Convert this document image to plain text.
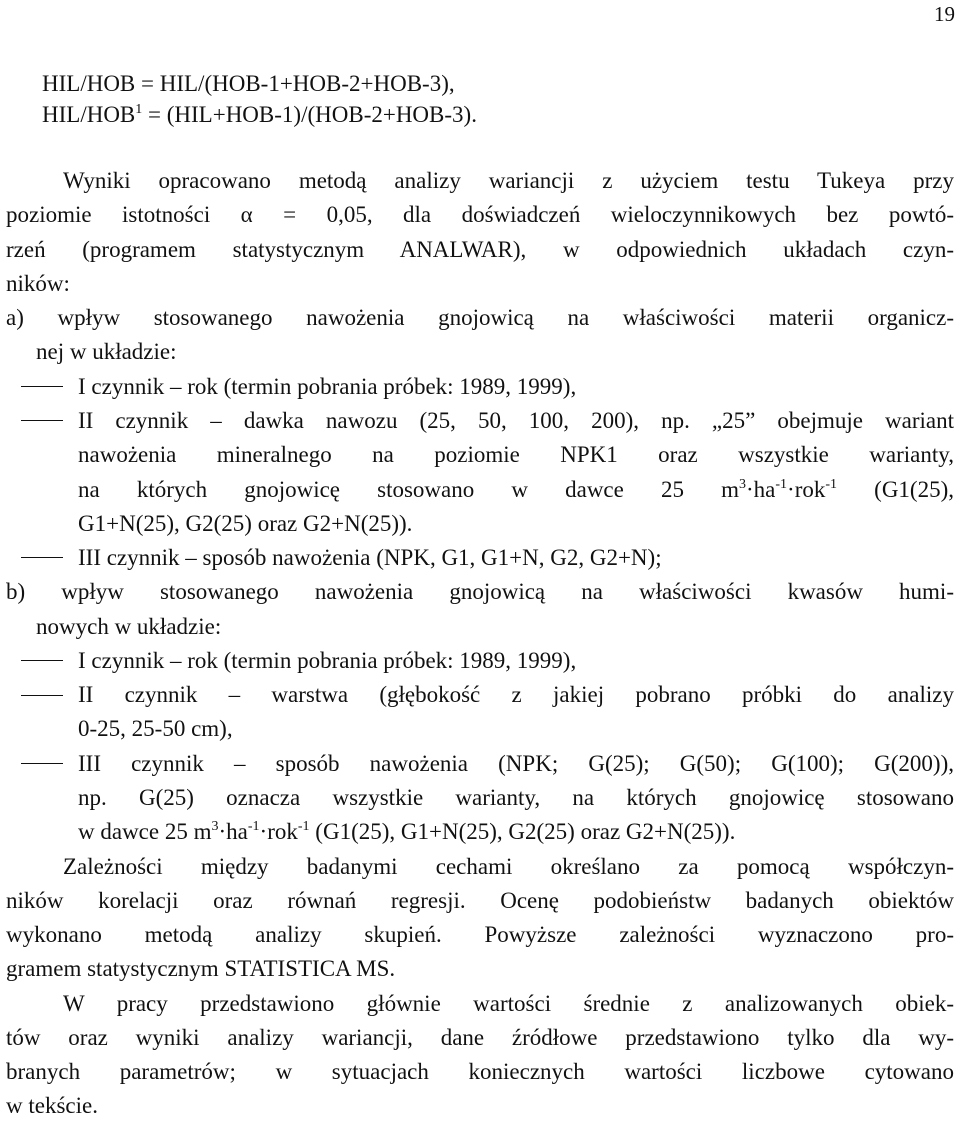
19
HIL/HOB = HIL/(HOB-1+HOB-2+HOB-3),
HIL/$HOB^1 = (HIL+HOB-1)/(HOB-2+HOB-3)$.
Wyniki opracowano metodą analizy wariancji z użyciem testu Tukeya przy
poziomie istotności α = 0,05, dla doświadczeń wieloczynnikowych bez powtó-
rzeń (programem statystycznym ANALWAR), w odpowiednich układach czyn-
ników:
a) wpływ stosowanego nawożenia gnojowicą na właściwości materii organicz-
nej w układzie:
I czynnik – rok (termin pobrania próbek: 1989, 1999),
II czynnik – dawka nawozu (25, 50, 100, 200), np. „25” obejmuje wariant
nawożenia mineralnego na poziomie NPK1 oraz wszystkie warianty,
na których gnojowicę stosowano w dawce 25 $m^3\cdot ha^{-1}\cdot rok^{-1}$ (G1(25),
G1+N(25), G2(25) oraz G2+N(25)).
III czynnik – sposób nawożenia (NPK, G1, G1+N, G2, G2+N);
b) wpływ stosowanego nawożenia gnojowicą na właściwości kwasów humi-
nowych w układzie:
I czynnik – rok (termin pobrania próbek: 1989, 1999),
II czynnik – warstwa (głębokość z jakiej pobrano próbki do analizy
0-25, 25-50 cm),
III czynnik – sposób nawożenia (NPK; G(25); G(50); G(100); G(200)),
np. G(25) oznacza wszystkie warianty, na których gnojowicę stosowano
w dawce 25 $m^3\cdot ha^{-1}\cdot rok^{-1}$ (G1(25), G1+N(25), G2(25) oraz G2+N(25)).
Zależności między badanymi cechami określano za pomocą współczyn-
ników korelacji oraz równań regresji. Ocenę podobieństw badanych obiektów
wykonano metodą analizy skupień. Powyższe zależności wyznaczono pro-
gramem statystycznym STATISTICA MS.
W pracy przedstawiono głównie wartości średnie z analizowanych obiek-
tów oraz wyniki analizy wariancji, dane źródłowe przedstawiono tylko dla wy-
branych parametrów; w sytuacjach koniecznych wartości liczbowe cytowano
w tekście.
